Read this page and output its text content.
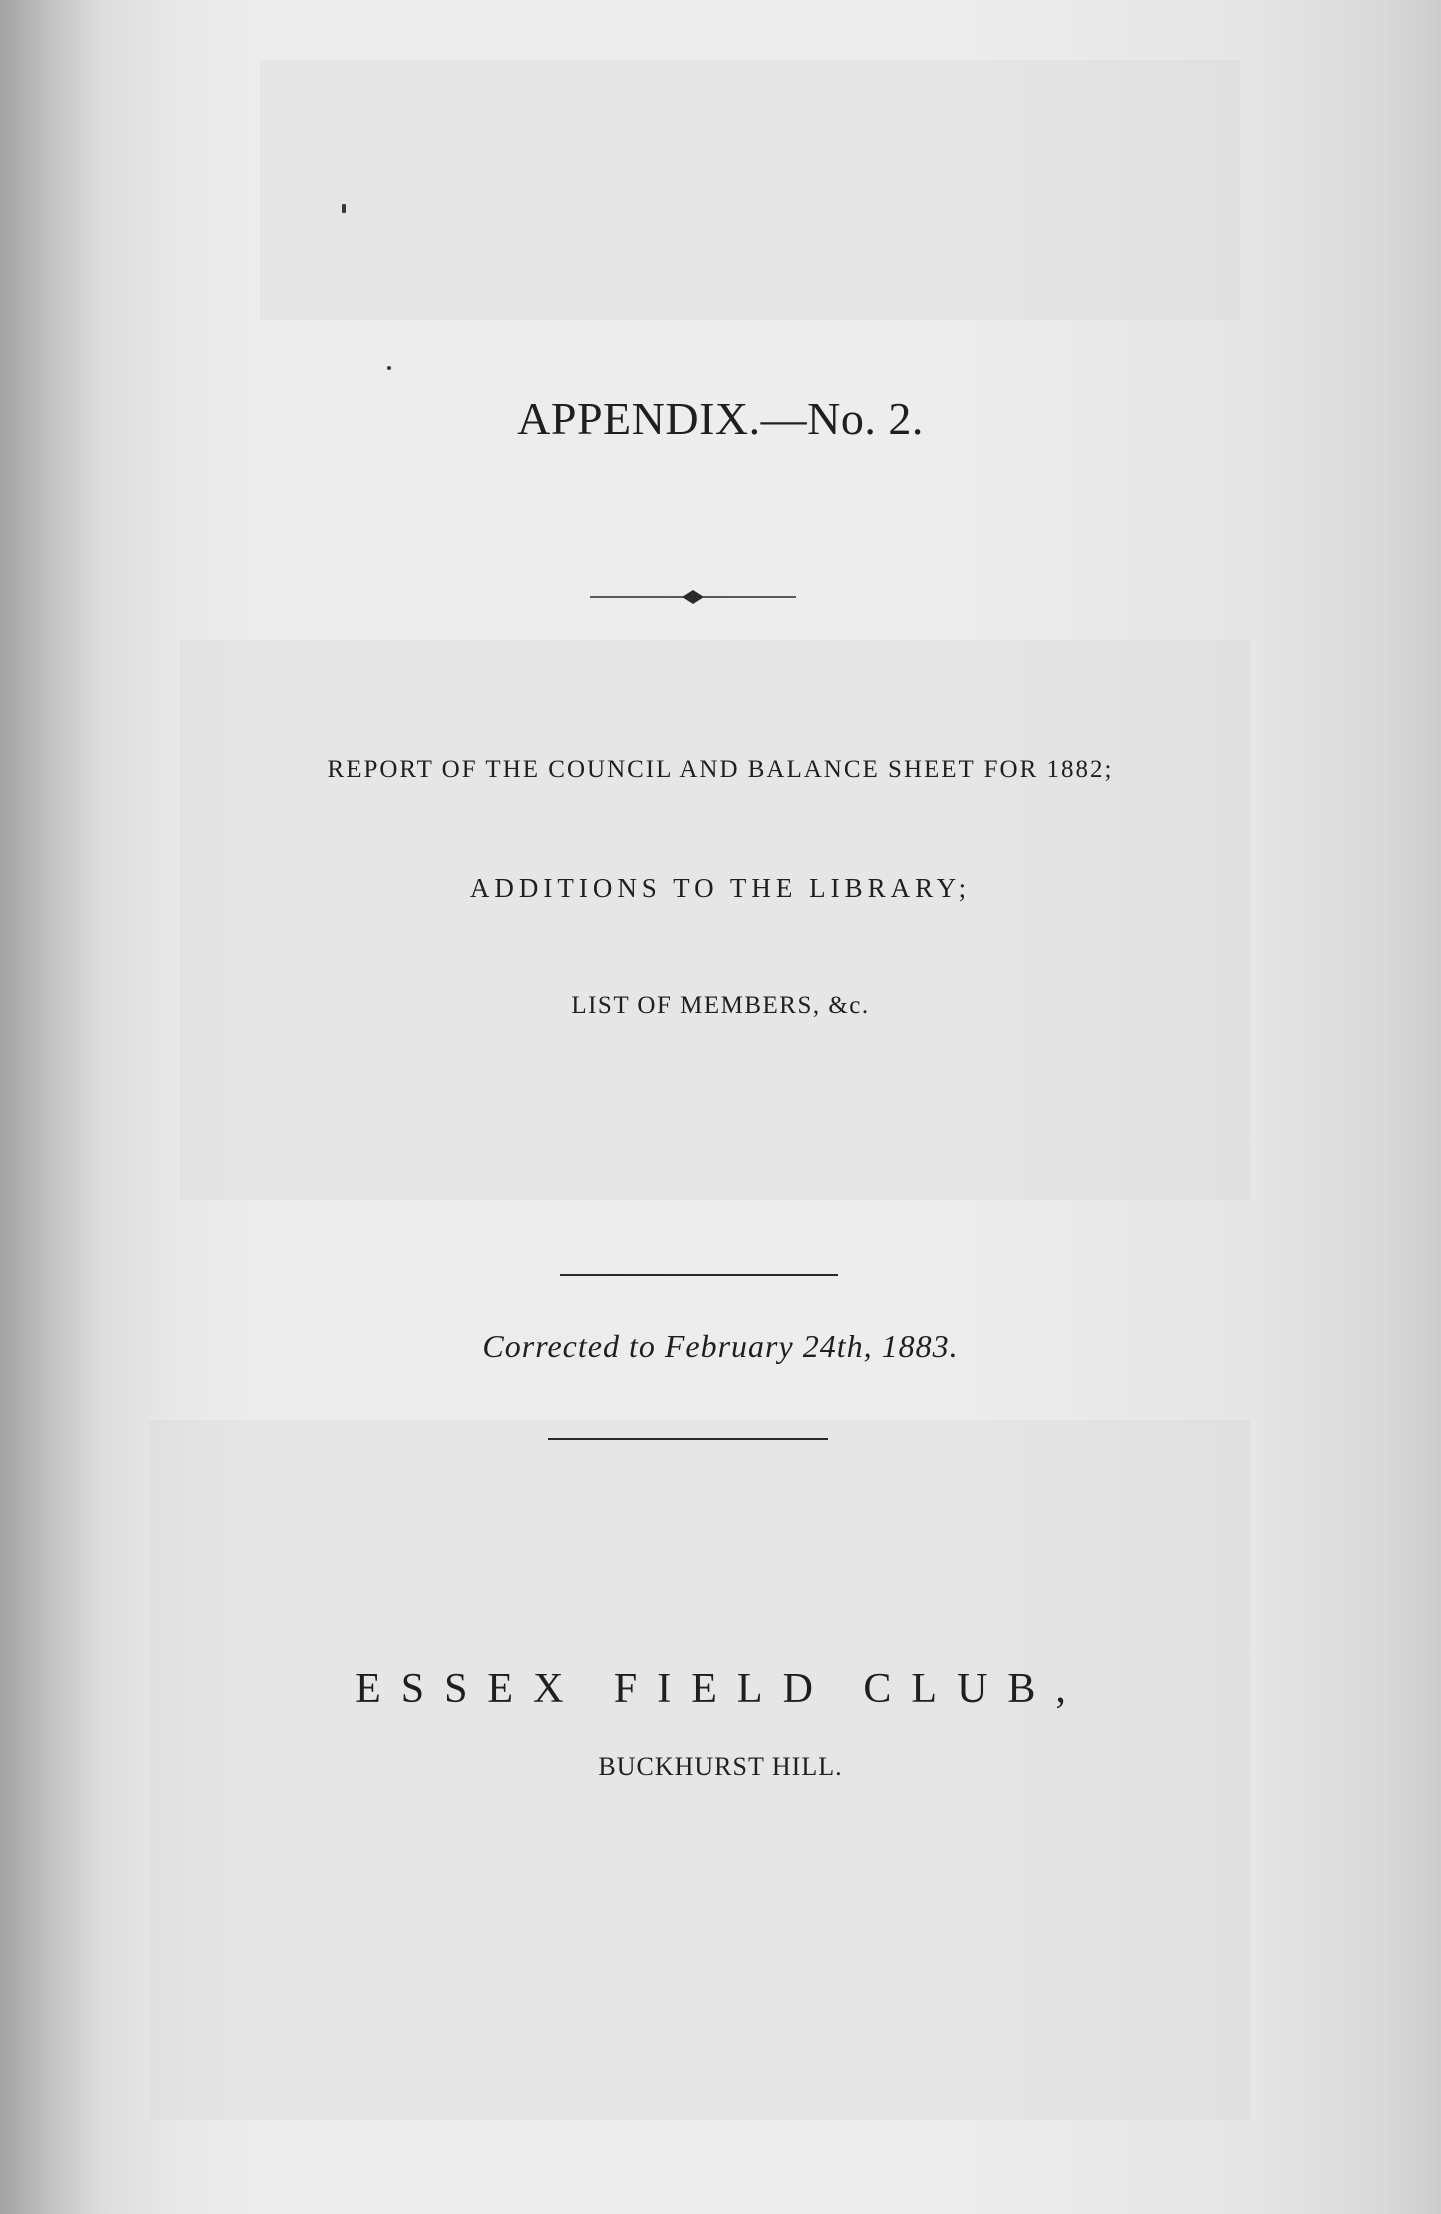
APPENDIX.—No. 2.
REPORT OF THE COUNCIL AND BALANCE SHEET FOR 1882;
ADDITIONS TO THE LIBRARY;
LIST OF MEMBERS, &c.
Corrected to February 24th, 1883.
ESSEX FIELD CLUB,
BUCKHURST HILL.
